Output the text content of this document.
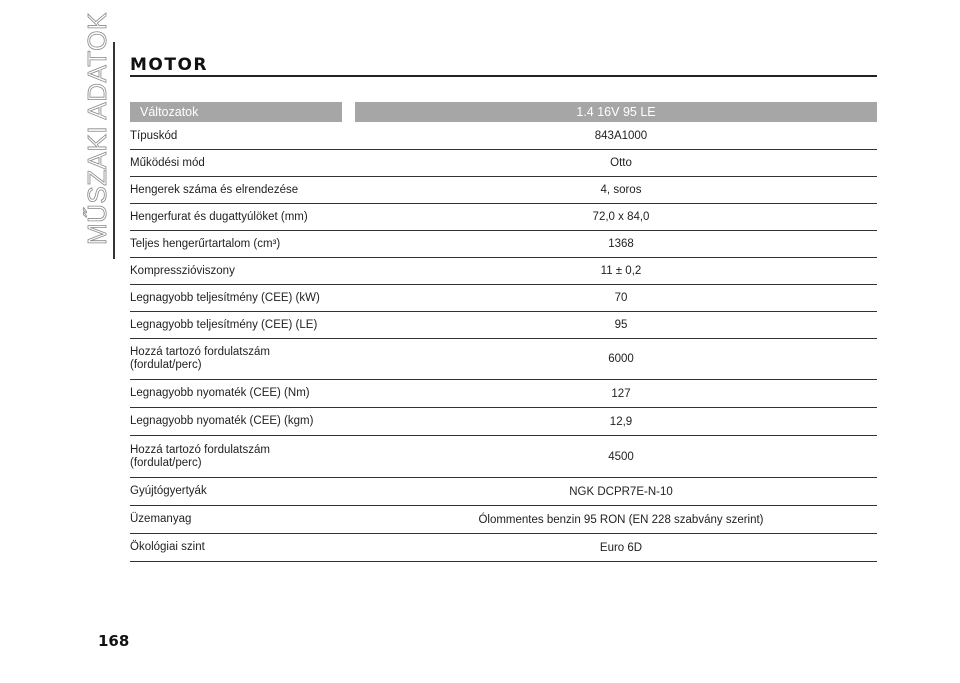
MŰSZAKI ADATOK MOTOR
Változatok	1.4 16V 95 LE
Típuskód	843A1000
Működési mód	Otto
Hengerek száma és elrendezése	4, soros
Hengerfurat és dugattyúlöket (mm)	72,0 x 84,0
Teljes hengerűrtartalom (cm³)	1368
Kompresszióviszony	11 ± 0,2
Legnagyobb teljesítmény (CEE) (kW)	70
Legnagyobb teljesítmény (CEE) (LE)	95
Hozzá tartozó fordulatszám
(fordulat/perc)	6000
Legnagyobb nyomaték (CEE) (Nm)	127
Legnagyobb nyomaték (CEE) (kgm)	12,9
Hozzá tartozó fordulatszám
(fordulat/perc)	4500
Gyújtógyertyák	NGK DCPR7E-N-10
Üzemanyag	Ólommentes benzin 95 RON (EN 228 szabvány szerint)
Ökológiai szint	Euro 6D
168
